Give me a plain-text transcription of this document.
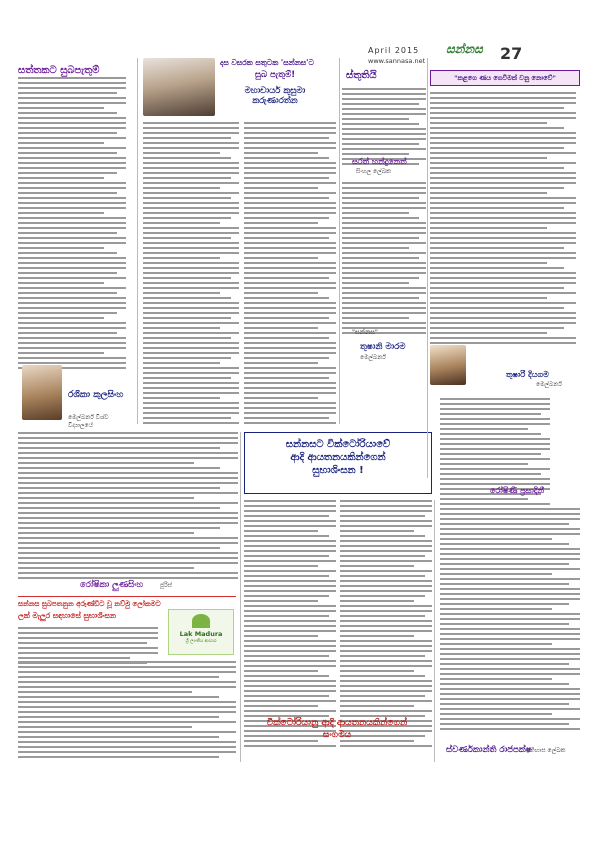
April 2015
www.sannasa.net
සන්නස 27
සත්තකට සුබපැතුම්
රශිකා කුලසිංහ
මෙල්බර්න් විශ්ව විද්‍යාලයේ
දස වසරක සතුටක 'සන්නස'ට
සුබ පැතුම්!
මහාචාර්ය කුසුමා
කරුණාරත්න
ස්තුතියි
සරත් හන්දුනෙත්
සිංහල ලේඛක
"සන්නස"
තුෂානි මාරම
මෙල්බර්න්
"කළගෙ ණය ගෙවීමක් වනු නොවේ"
තුෂාරි දියගම
මෙල්බර්න්
රෝෂිණී ප්‍රසාදිනී
රෝෂිකා ලුණසිංහ	ජූරිස්
සන්නස සුබපතනුන අරුණ්ඩිට වූ නව්මු ලෝකමට
ලක් මැලුර සඳහාසේ සුභාශිංසන
Lak Madura
ශ්‍රී ලාංකීය ආහාර
සන්නසට වික්ටෝරියාවේ
ආදි ආයතනයකින්ගෙන්
සුභාශිංසන !
වික්ටෝරියානු ආදි ආයතනයකින්ගෙන්
සංගමය
ස්වර්ණකාන්ති රාජපක්ෂ
ඉතිහාස ලේඛක
